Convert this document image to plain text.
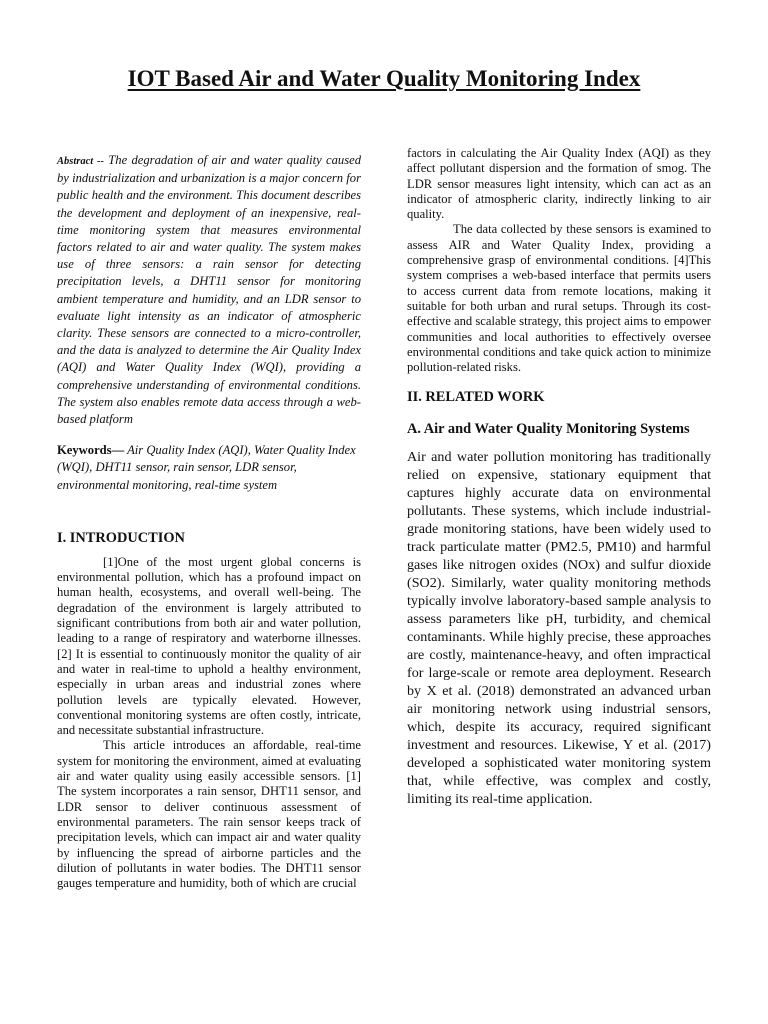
IOT Based Air and Water Quality Monitoring Index

Abstract -- The degradation of air and water quality caused by industrialization and urbanization is a major concern for public health and the environment. This document describes the development and deployment of an inexpensive, real-time monitoring system that measures environmental factors related to air and water quality. The system makes use of three sensors: a rain sensor for detecting precipitation levels, a DHT11 sensor for monitoring ambient temperature and humidity, and an LDR sensor to evaluate light intensity as an indicator of atmospheric clarity. These sensors are connected to a micro-controller, and the data is analyzed to determine the Air Quality Index (AQI) and Water Quality Index (WQI), providing a comprehensive understanding of environmental conditions. The system also enables remote data access through a web-based platform

Keywords— Air Quality Index (AQI), Water Quality Index (WQI), DHT11 sensor, rain sensor, LDR sensor, environmental monitoring, real-time system

I. INTRODUCTION

[1]One of the most urgent global concerns is environmental pollution, which has a profound impact on human health, ecosystems, and overall well-being. The degradation of the environment is largely attributed to significant contributions from both air and water pollution, leading to a range of respiratory and waterborne illnesses.[2] It is essential to continuously monitor the quality of air and water in real-time to uphold a healthy environment, especially in urban areas and industrial zones where pollution levels are typically elevated. However, conventional monitoring systems are often costly, intricate, and necessitate substantial infrastructure.

This article introduces an affordable, real-time system for monitoring the environment, aimed at evaluating air and water quality using easily accessible sensors. [1] The system incorporates a rain sensor, DHT11 sensor, and LDR sensor to deliver continuous assessment of environmental parameters. The rain sensor keeps track of precipitation levels, which can impact air and water quality by influencing the spread of airborne particles and the dilution of pollutants in water bodies. The DHT11 sensor gauges temperature and humidity, both of which are crucial

factors in calculating the Air Quality Index (AQI) as they affect pollutant dispersion and the formation of smog. The LDR sensor measures light intensity, which can act as an indicator of atmospheric clarity, indirectly linking to air quality.

The data collected by these sensors is examined to assess AIR and Water Quality Index, providing a comprehensive grasp of environmental conditions. [4]This system comprises a web-based interface that permits users to access current data from remote locations, making it suitable for both urban and rural setups. Through its cost-effective and scalable strategy, this project aims to empower communities and local authorities to effectively oversee environmental conditions and take quick action to minimize pollution-related risks.

II. RELATED WORK
A. Air and Water Quality Monitoring Systems

Air and water pollution monitoring has traditionally relied on expensive, stationary equipment that captures highly accurate data on environmental pollutants. These systems, which include industrial-grade monitoring stations, have been widely used to track particulate matter (PM2.5, PM10) and harmful gases like nitrogen oxides (NOx) and sulfur dioxide (SO2). Similarly, water quality monitoring methods typically involve laboratory-based sample analysis to assess parameters like pH, turbidity, and chemical contaminants. While highly precise, these approaches are costly, maintenance-heavy, and often impractical for large-scale or remote area deployment. Research by X et al. (2018) demonstrated an advanced urban air monitoring network using industrial sensors, which, despite its accuracy, required significant investment and resources. Likewise, Y et al. (2017) developed a sophisticated water monitoring system that, while effective, was complex and costly, limiting its real-time application.
